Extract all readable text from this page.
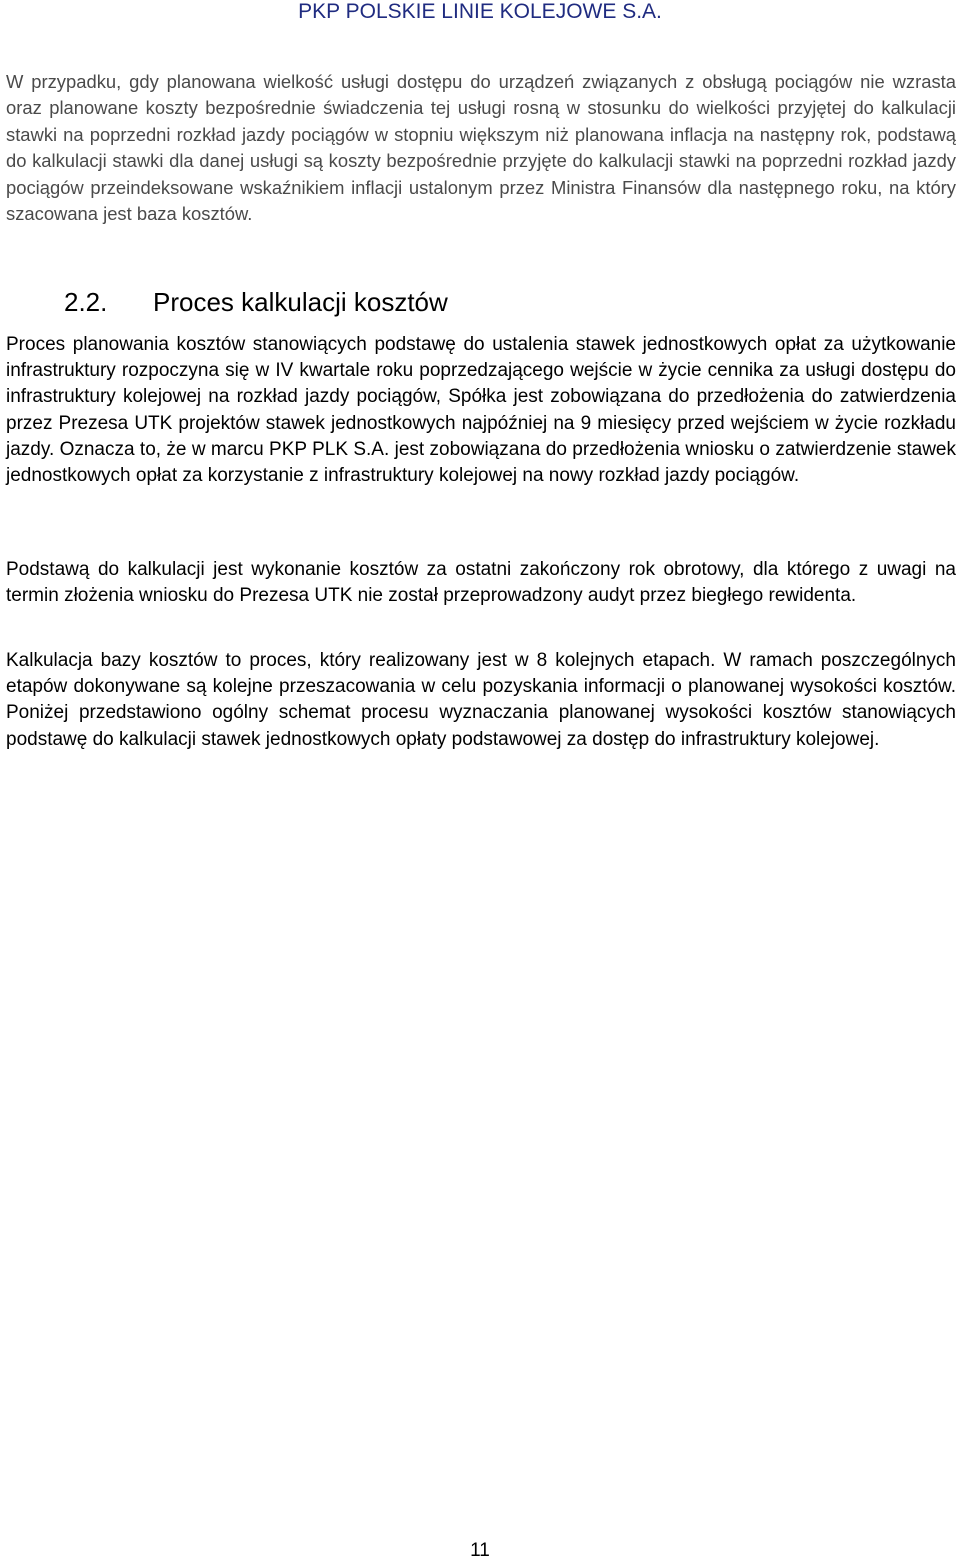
PKP POLSKIE LINIE KOLEJOWE S.A.

W przypadku, gdy planowana wielkość usługi dostępu do urządzeń związanych z obsługą pociągów nie wzrasta oraz planowane koszty bezpośrednie świadczenia tej usługi rosną w stosunku do wielkości przyjętej do kalkulacji stawki na poprzedni rozkład jazdy pociągów w stopniu większym niż planowana inflacja na następny rok, podstawą do kalkulacji stawki dla danej usługi są koszty bezpośrednie przyjęte do kalkulacji stawki na poprzedni rozkład jazdy pociągów przeindeksowane wskaźnikiem inflacji ustalonym przez Ministra Finansów dla następnego roku, na który szacowana jest baza kosztów.

2.2. Proces kalkulacji kosztów

Proces planowania kosztów stanowiących podstawę do ustalenia stawek jednostkowych opłat za użytkowanie infrastruktury rozpoczyna się w IV kwartale roku poprzedzającego wejście w życie cennika za usługi dostępu do infrastruktury kolejowej na rozkład jazdy pociągów, Spółka jest zobowiązana do przedłożenia do zatwierdzenia przez Prezesa UTK projektów stawek jednostkowych najpóźniej na 9 miesięcy przed wejściem w życie rozkładu jazdy. Oznacza to, że w marcu PKP PLK S.A. jest zobowiązana do przedłożenia wniosku o zatwierdzenie stawek jednostkowych opłat za korzystanie z infrastruktury kolejowej na nowy rozkład jazdy pociągów.

Podstawą do kalkulacji jest wykonanie kosztów za ostatni zakończony rok obrotowy, dla którego z uwagi na termin złożenia wniosku do Prezesa UTK nie został przeprowadzony audyt przez biegłego rewidenta.

Kalkulacja bazy kosztów to proces, który realizowany jest w 8 kolejnych etapach. W ramach poszczególnych etapów dokonywane są kolejne przeszacowania w celu pozyskania informacji o planowanej wysokości kosztów. Poniżej przedstawiono ogólny schemat procesu wyznaczania planowanej wysokości kosztów stanowiących podstawę do kalkulacji stawek jednostkowych opłaty podstawowej za dostęp do infrastruktury kolejowej.

11
